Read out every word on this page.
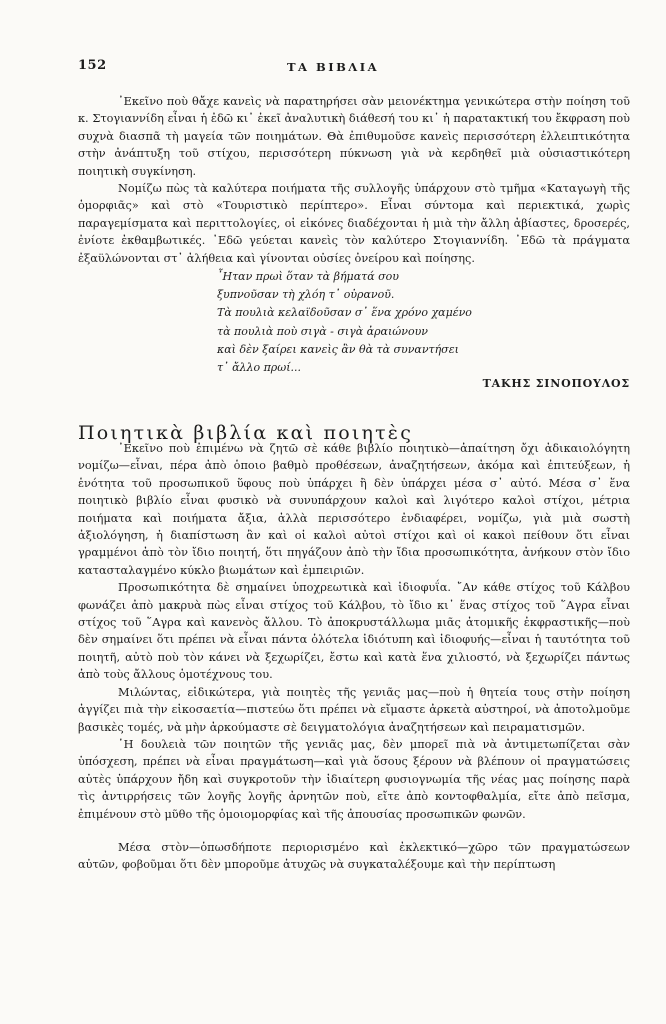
152	ΤΑ ΒΙΒΛΙΑ

᾿Εκεῖνο ποὺ θἄχε κανεὶς νὰ παρατηρήσει σὰν μειονέκτημα γενικώτερα στὴν ποίηση τοῦ κ. Στογιαννίδη εἶναι ἡ ἐδῶ κι᾿ ἐκεῖ ἀναλυτικὴ διάθεσή του κι᾿ ἡ παρατακτική του ἔκφραση ποὺ συχνὰ διασπᾶ τὴ μαγεία τῶν ποιημάτων. Θὰ ἐπιθυμοῦσε κανεὶς περισσότερη ἐλλειπτικότητα στὴν ἀνάπτυξη τοῦ στίχου, περισσότερη πύκνωση γιὰ νὰ κερδηθεῖ μιὰ οὐσιαστικότερη ποιητικὴ συγκίνηση.

Νομίζω πὼς τὰ καλύτερα ποιήματα τῆς συλλογῆς ὑπάρχουν στὸ τμῆμα «Καταγωγὴ τῆς ὁμορφιᾶς» καὶ στὸ «Τουριστικὸ περίπτερο». Εἶναι σύντομα καὶ περιεκτικά, χωρὶς παραγεμίσματα καὶ περιττολογίες, οἱ εἰκόνες διαδέχονται ἡ μιὰ τὴν ἄλλη ἀβίαστες, δροσερές, ἐνίοτε ἐκθαμβωτικές. ᾿Εδῶ γεύεται κανεὶς τὸν καλύτερο Στογιαννίδη. ᾿Εδῶ τὰ πράγματα ἐξαϋλώνονται στ᾿ ἀλήθεια καὶ γίνονται οὐσίες ὀνείρου καὶ ποίησης.

῏Ηταν πρωὶ ὅταν τὰ βήματά σου
ξυπνοῦσαν τὴ χλόη τ᾿ οὐρανοῦ.
Τὰ πουλιὰ κελαϊδοῦσαν σ᾿ ἕνα χρόνο χαμένο
τὰ πουλιὰ ποὺ σιγὰ - σιγὰ ἀραιώνουν
καὶ δὲν ξαίρει κανεὶς ἂν θὰ τὰ συναντήσει
τ᾿ ἄλλο πρωί...
ΤΑΚΗΣ ΣΙΝΟΠΟΥΛΟΣ
Ποιητικὰ βιβλία καὶ ποιητὲς

᾿Εκεῖνο ποὺ ἐπιμένω νὰ ζητῶ σὲ κάθε βιβλίο ποιητικὸ—ἀπαίτηση ὄχι ἀδικαιολόγητη νομίζω—εἶναι, πέρα ἀπὸ ὁποιο βαθμὸ προθέσεων, ἀναζητήσεων, ἀκόμα καὶ ἐπιτεύξεων, ἡ ἑνότητα τοῦ προσωπικοῦ ὕφους ποὺ ὑπάρχει ἢ δὲν ὑπάρχει μέσα σ᾿ αὐτό. Μέσα σ᾿ ἕνα ποιητικὸ βιβλίο εἶναι φυσικὸ νὰ συνυπάρχουν καλοὶ καὶ λιγότερο καλοὶ στίχοι, μέτρια ποιήματα καὶ ποιήματα ἄξια, ἀλλὰ περισσότερο ἐνδιαφέρει, νομίζω, γιὰ μιὰ σωστὴ ἀξιολόγηση, ἡ διαπίστωση ἂν καὶ οἱ καλοὶ αὐτοὶ στίχοι καὶ οἱ κακοὶ πείθουν ὅτι εἶναι γραμμένοι ἀπὸ τὸν ἴδιο ποιητή, ὅτι πηγάζουν ἀπὸ τὴν ἴδια προσωπικότητα, ἀνήκουν στὸν ἴδιο κατασταλαγμένο κύκλο βιωμάτων καὶ ἐμπειριῶν.

Προσωπικότητα δὲ σημαίνει ὑποχρεωτικὰ καὶ ἰδιοφυΐα. ῎Αν κάθε στίχος τοῦ Κάλβου φωνάζει ἀπὸ μακρυὰ πὼς εἶναι στίχος τοῦ Κάλβου, τὸ ἴδιο κι᾿ ἕνας στίχος τοῦ ῞Αγρα εἶναι στίχος τοῦ ῞Αγρα καὶ κανενὸς ἄλλου. Τὸ ἀποκρυστάλλωμα μιᾶς ἀτομικῆς ἐκφραστικῆς—ποὺ δὲν σημαίνει ὅτι πρέπει νὰ εἶναι πάντα ὁλότελα ἰδιότυπη καὶ ἰδιοφυής—εἶναι ἡ ταυτότητα τοῦ ποιητῆ, αὐτὸ ποὺ τὸν κάνει νὰ ξεχωρίζει, ἔστω καὶ κατὰ ἕνα χιλιοστό, νὰ ξεχωρίζει πάντως ἀπὸ τοὺς ἄλλους ὁμοτέχνους του.

Μιλώντας, εἰδικώτερα, γιὰ ποιητὲς τῆς γενιᾶς μας—ποὺ ἡ θητεία τους στὴν ποίηση ἀγγίζει πιὰ τὴν εἰκοσαετία—πιστεύω ὅτι πρέπει νὰ εἴμαστε ἀρκετὰ αὐστηροί, νὰ ἀποτολμοῦμε βασικὲς τομές, νὰ μὴν ἀρκούμαστε σὲ δειγματολόγια ἀναζητήσεων καὶ πειραματισμῶν.

῾Η δουλειὰ τῶν ποιητῶν τῆς γενιᾶς μας, δὲν μπορεῖ πιὰ νὰ ἀντιμετωπίζεται σὰν ὑπόσχεση, πρέπει νὰ εἶναι πραγμάτωση—καὶ γιὰ ὅσους ξέρουν νὰ βλέπουν οἱ πραγματώσεις αὐτὲς ὑπάρχουν ἤδη καὶ συγκροτοῦν τὴν ἰδιαίτερη φυσιογνωμία τῆς νέας μας ποίησης παρὰ τὶς ἀντιρρήσεις τῶν λογῆς λογῆς ἀρνητῶν ποὺ, εἴτε ἀπὸ κοντοφθαλμία, εἴτε ἀπὸ πεῖσμα, ἐπιμένουν στὸ μῦθο τῆς ὁμοιομορφίας καὶ τῆς ἀπουσίας προσωπικῶν φωνῶν.

Μέσα στὸν—ὁπωσδήποτε περιορισμένο καὶ ἐκλεκτικό—χῶρο τῶν πραγματώσεων αὐτῶν, φοβοῦμαι ὅτι δὲν μποροῦμε ἀτυχῶς νὰ συγκαταλέξουμε καὶ τὴν περίπτωση
